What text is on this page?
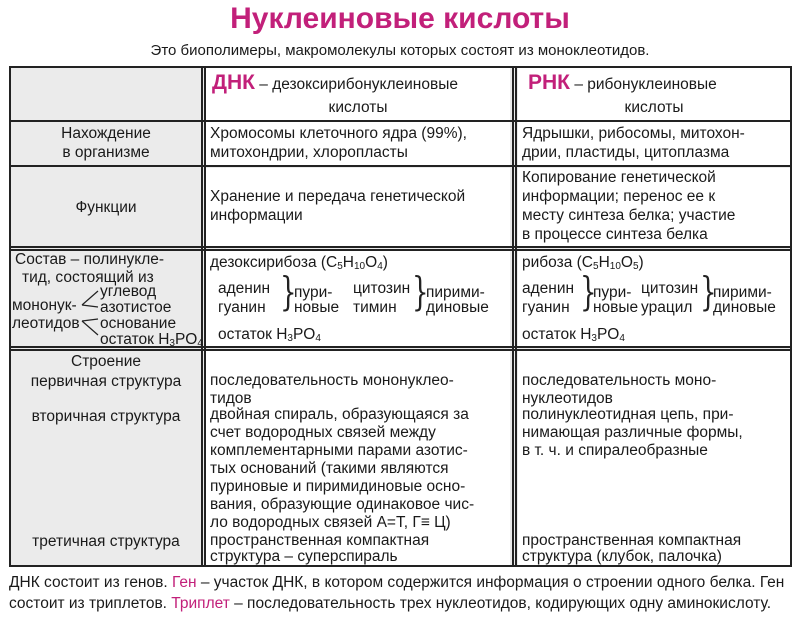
Нуклеиновые кислоты
Это биополимеры, макромолекулы которых состоят из моноклеотидов.
ДНК – дезоксирибонуклеиновые
кислоты
РНК – рибонуклеиновые
кислоты
Нахождение
в организме
Хромосомы клеточного ядра (99%),
митохондрии, хлоропласты
Ядрышки, рибосомы, митохон-
дрии, пластиды, цитоплазма
Функции
Хранение и передача генетической
информации
Копирование генетической
информации; перенос ее к
месту синтеза белка; участие
в процессе синтеза белка
Состав – полинукле-
тид, состоящий из
мононук-
леотидов
углевод
азотистое
основание
остаток $H_3PO_4$
дезоксирибоза $(C_5H_{10}O_4)$
аденин
гуанин }
пури-
новые
цитозин
тимин }
пирими-
диновые
остаток $H_3PO_4$
рибоза $(C_5H_{10}O_5)$
аденин
гуанин }
пури-
новые
цитозин
урацил }
пирими-
диновые
остаток $H_3PO_4$
Строение
первичная структура
вторичная структура
третичная структура
последовательность мононуклео-
тидов
двойная спираль, образующаяся за
счет водородных связей между
комплементарными парами азотис-
тых оснований (такими являются
пуриновые и пиримидиновые осно-
вания, образующие одинаковое чис-
ло водородных связей А=Т, Г≡ Ц)
пространственная компактная
структура – суперспираль
последовательность моно-
нуклеотидов
полинуклеотидная цепь, при-
нимающая различные формы,
в т. ч. и спиралеобразные
пространственная компактная
структура (клубок, палочка)
ДНК состоит из генов. Ген – участок ДНК, в котором содержится информация о строении одного белка. Ген состоит из триплетов. Триплет – последовательность трех нуклеотидов, кодирующих одну аминокислоту.
